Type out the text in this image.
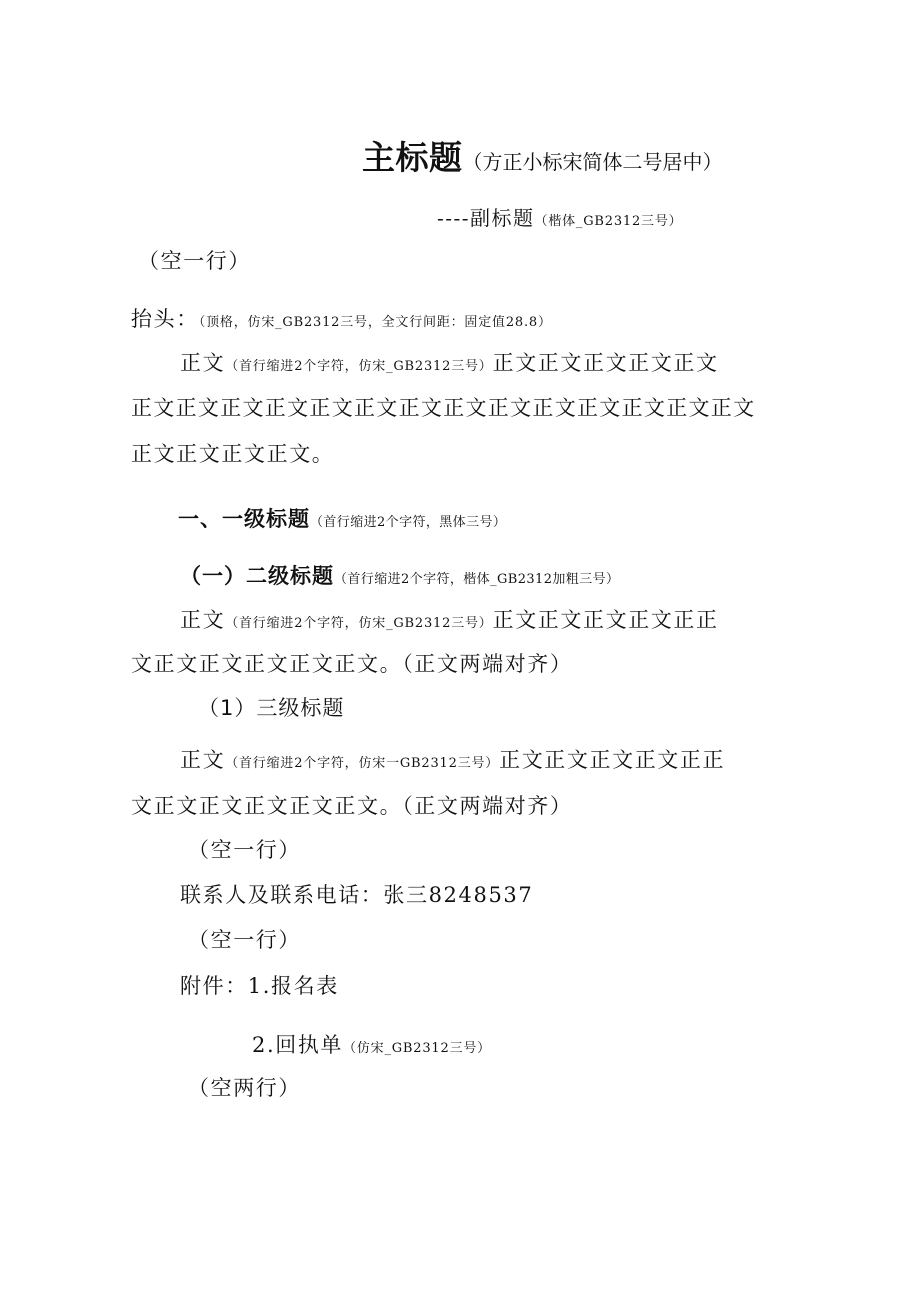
主标题（方正小标宋简体二号居中）
----副标题（楷体_GB2312三号）
（空一行）
抬头：（顶格，仿宋_GB2312三号，全文行间距：固定值28.8）
正文（首行缩进2个字符，仿宋_GB2312三号）正文正文正文正文正文
正文正文正文正文正文正文正文正文正文正文正文正文正文正文
正文正文正文正文。
一、一级标题（首行缩进2个字符，黑体三号）
（一）二级标题（首行缩进2个字符，楷体_GB2312加粗三号）
正文（首行缩进2个字符，仿宋_GB2312三号）正文正文正文正文正正
文正文正文正文正文正文。（正文两端对齐）
（1）三级标题
正文（首行缩进2个字符，仿宋一GB2312三号）正文正文正文正文正正
文正文正文正文正文正文。（正文两端对齐）
（空一行）
联系人及联系电话：张三8248537
（空一行）
附件：1.报名表
2.回执单（仿宋_GB2312三号）
（空两行）
